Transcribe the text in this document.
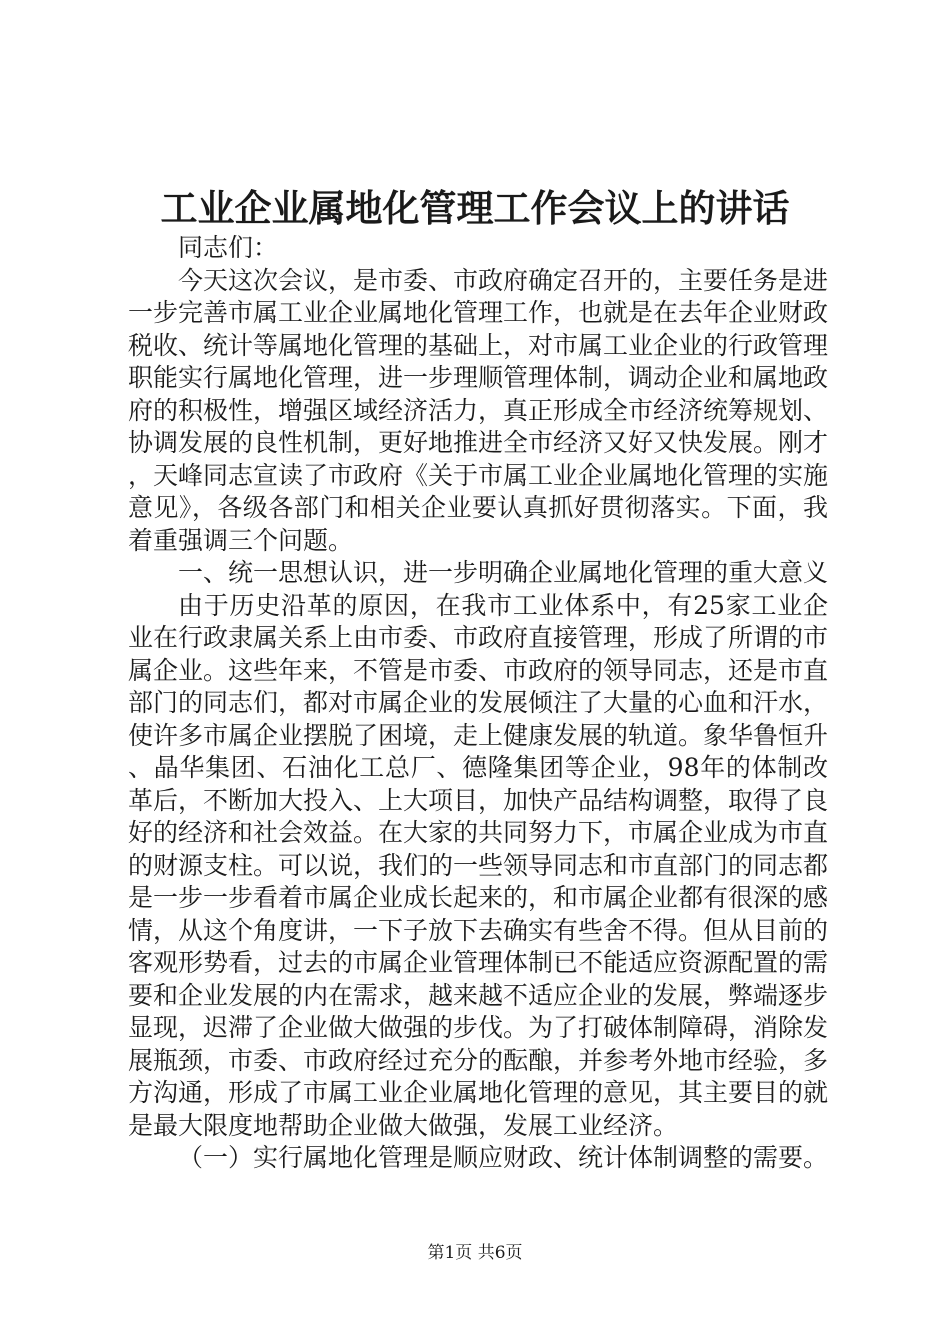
工业企业属地化管理工作会议上的讲话

同志们：

今天这次会议，是市委、市政府确定召开的，主要任务是进一步完善市属工业企业属地化管理工作，也就是在去年企业财政税收、统计等属地化管理的基础上，对市属工业企业的行政管理职能实行属地化管理，进一步理顺管理体制，调动企业和属地政府的积极性，增强区域经济活力，真正形成全市经济统筹规划、协调发展的良性机制，更好地推进全市经济又好又快发展。刚才，天峰同志宣读了市政府《关于市属工业企业属地化管理的实施意见》，各级各部门和相关企业要认真抓好贯彻落实。下面，我着重强调三个问题。

一、统一思想认识，进一步明确企业属地化管理的重大意义

由于历史沿革的原因，在我市工业体系中，有25家工业企业在行政隶属关系上由市委、市政府直接管理，形成了所谓的市属企业。这些年来，不管是市委、市政府的领导同志，还是市直部门的同志们，都对市属企业的发展倾注了大量的心血和汗水，使许多市属企业摆脱了困境，走上健康发展的轨道。象华鲁恒升、晶华集团、石油化工总厂、德隆集团等企业，98年的体制改革后，不断加大投入、上大项目，加快产品结构调整，取得了良好的经济和社会效益。在大家的共同努力下，市属企业成为市直的财源支柱。可以说，我们的一些领导同志和市直部门的同志都是一步一步看着市属企业成长起来的，和市属企业都有很深的感情，从这个角度讲，一下子放下去确实有些舍不得。但从目前的客观形势看，过去的市属企业管理体制已不能适应资源配置的需要和企业发展的内在需求，越来越不适应企业的发展，弊端逐步显现，迟滞了企业做大做强的步伐。为了打破体制障碍，消除发展瓶颈，市委、市政府经过充分的酝酿，并参考外地市经验，多方沟通，形成了市属工业企业属地化管理的意见，其主要目的就是最大限度地帮助企业做大做强，发展工业经济。

（一）实行属地化管理是顺应财政、统计体制调整的需要。

第1页 共6页
